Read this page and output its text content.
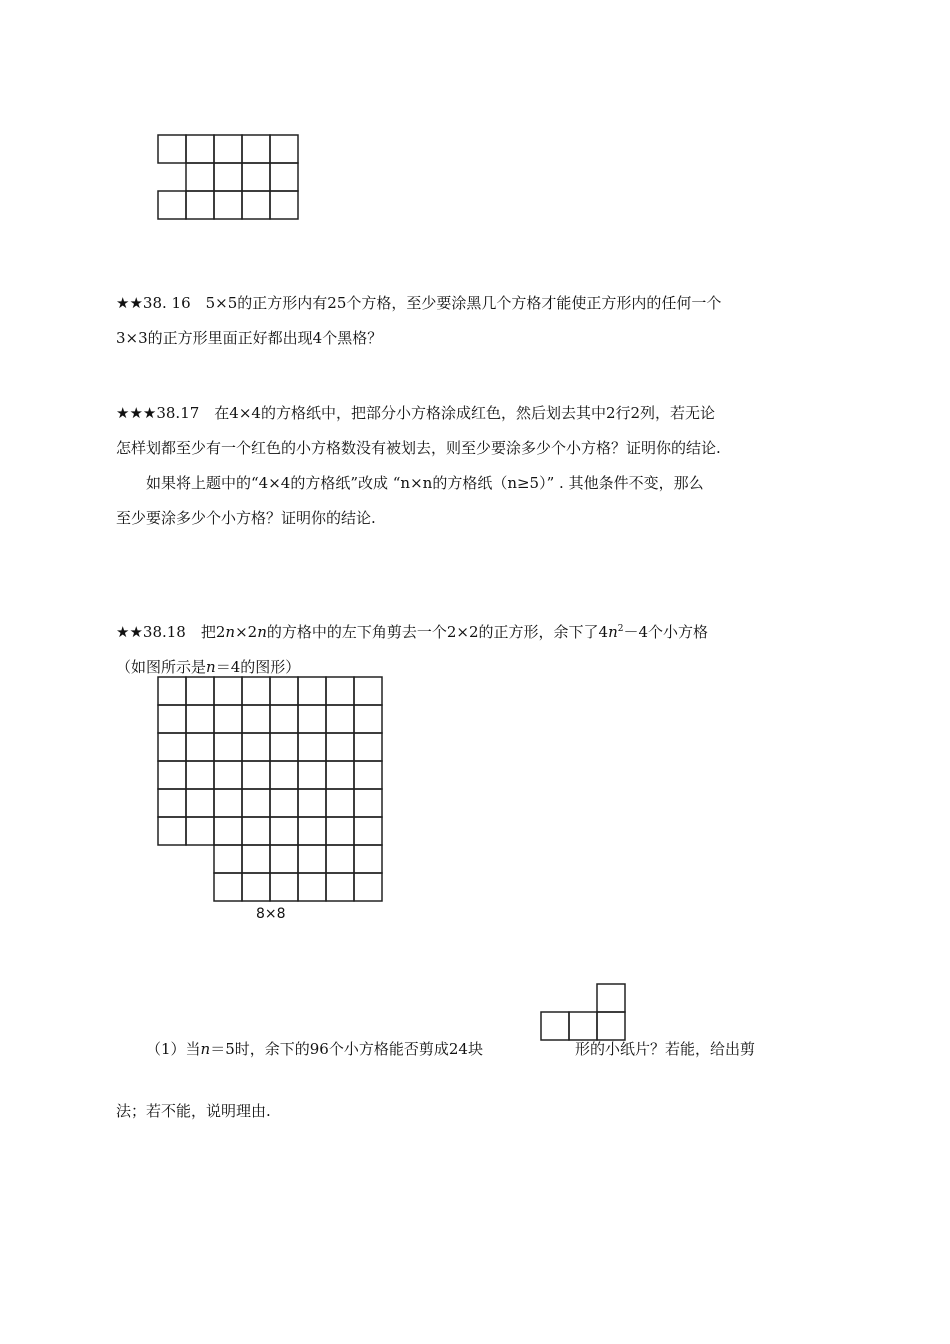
★★38. 16　5×5的正方形内有25个方格，至少要涂黑几个方格才能使正方形内的任何一个
3×3的正方形里面正好都出现4个黑格？
★★★38.17　在4×4的方格纸中，把部分小方格涂成红色，然后划去其中2行2列，若无论
怎样划都至少有一个红色的小方格数没有被划去，则至少要涂多少个小方格？证明你的结论.
如果将上题中的“4×4的方格纸”改成 “n×n的方格纸（n≥5）” . 其他条件不变，那么
至少要涂多少个小方格？证明你的结论.
★★38.18　把2n×2n的方格中的左下角剪去一个2×2的正方形，余下了$4n^2-4$个小方格
（如图所示是n＝4的图形）
8×8
（1）当n＝5时，余下的96个小方格能否剪成24块	形的小纸片？若能，给出剪
法；若不能，说明理由.
